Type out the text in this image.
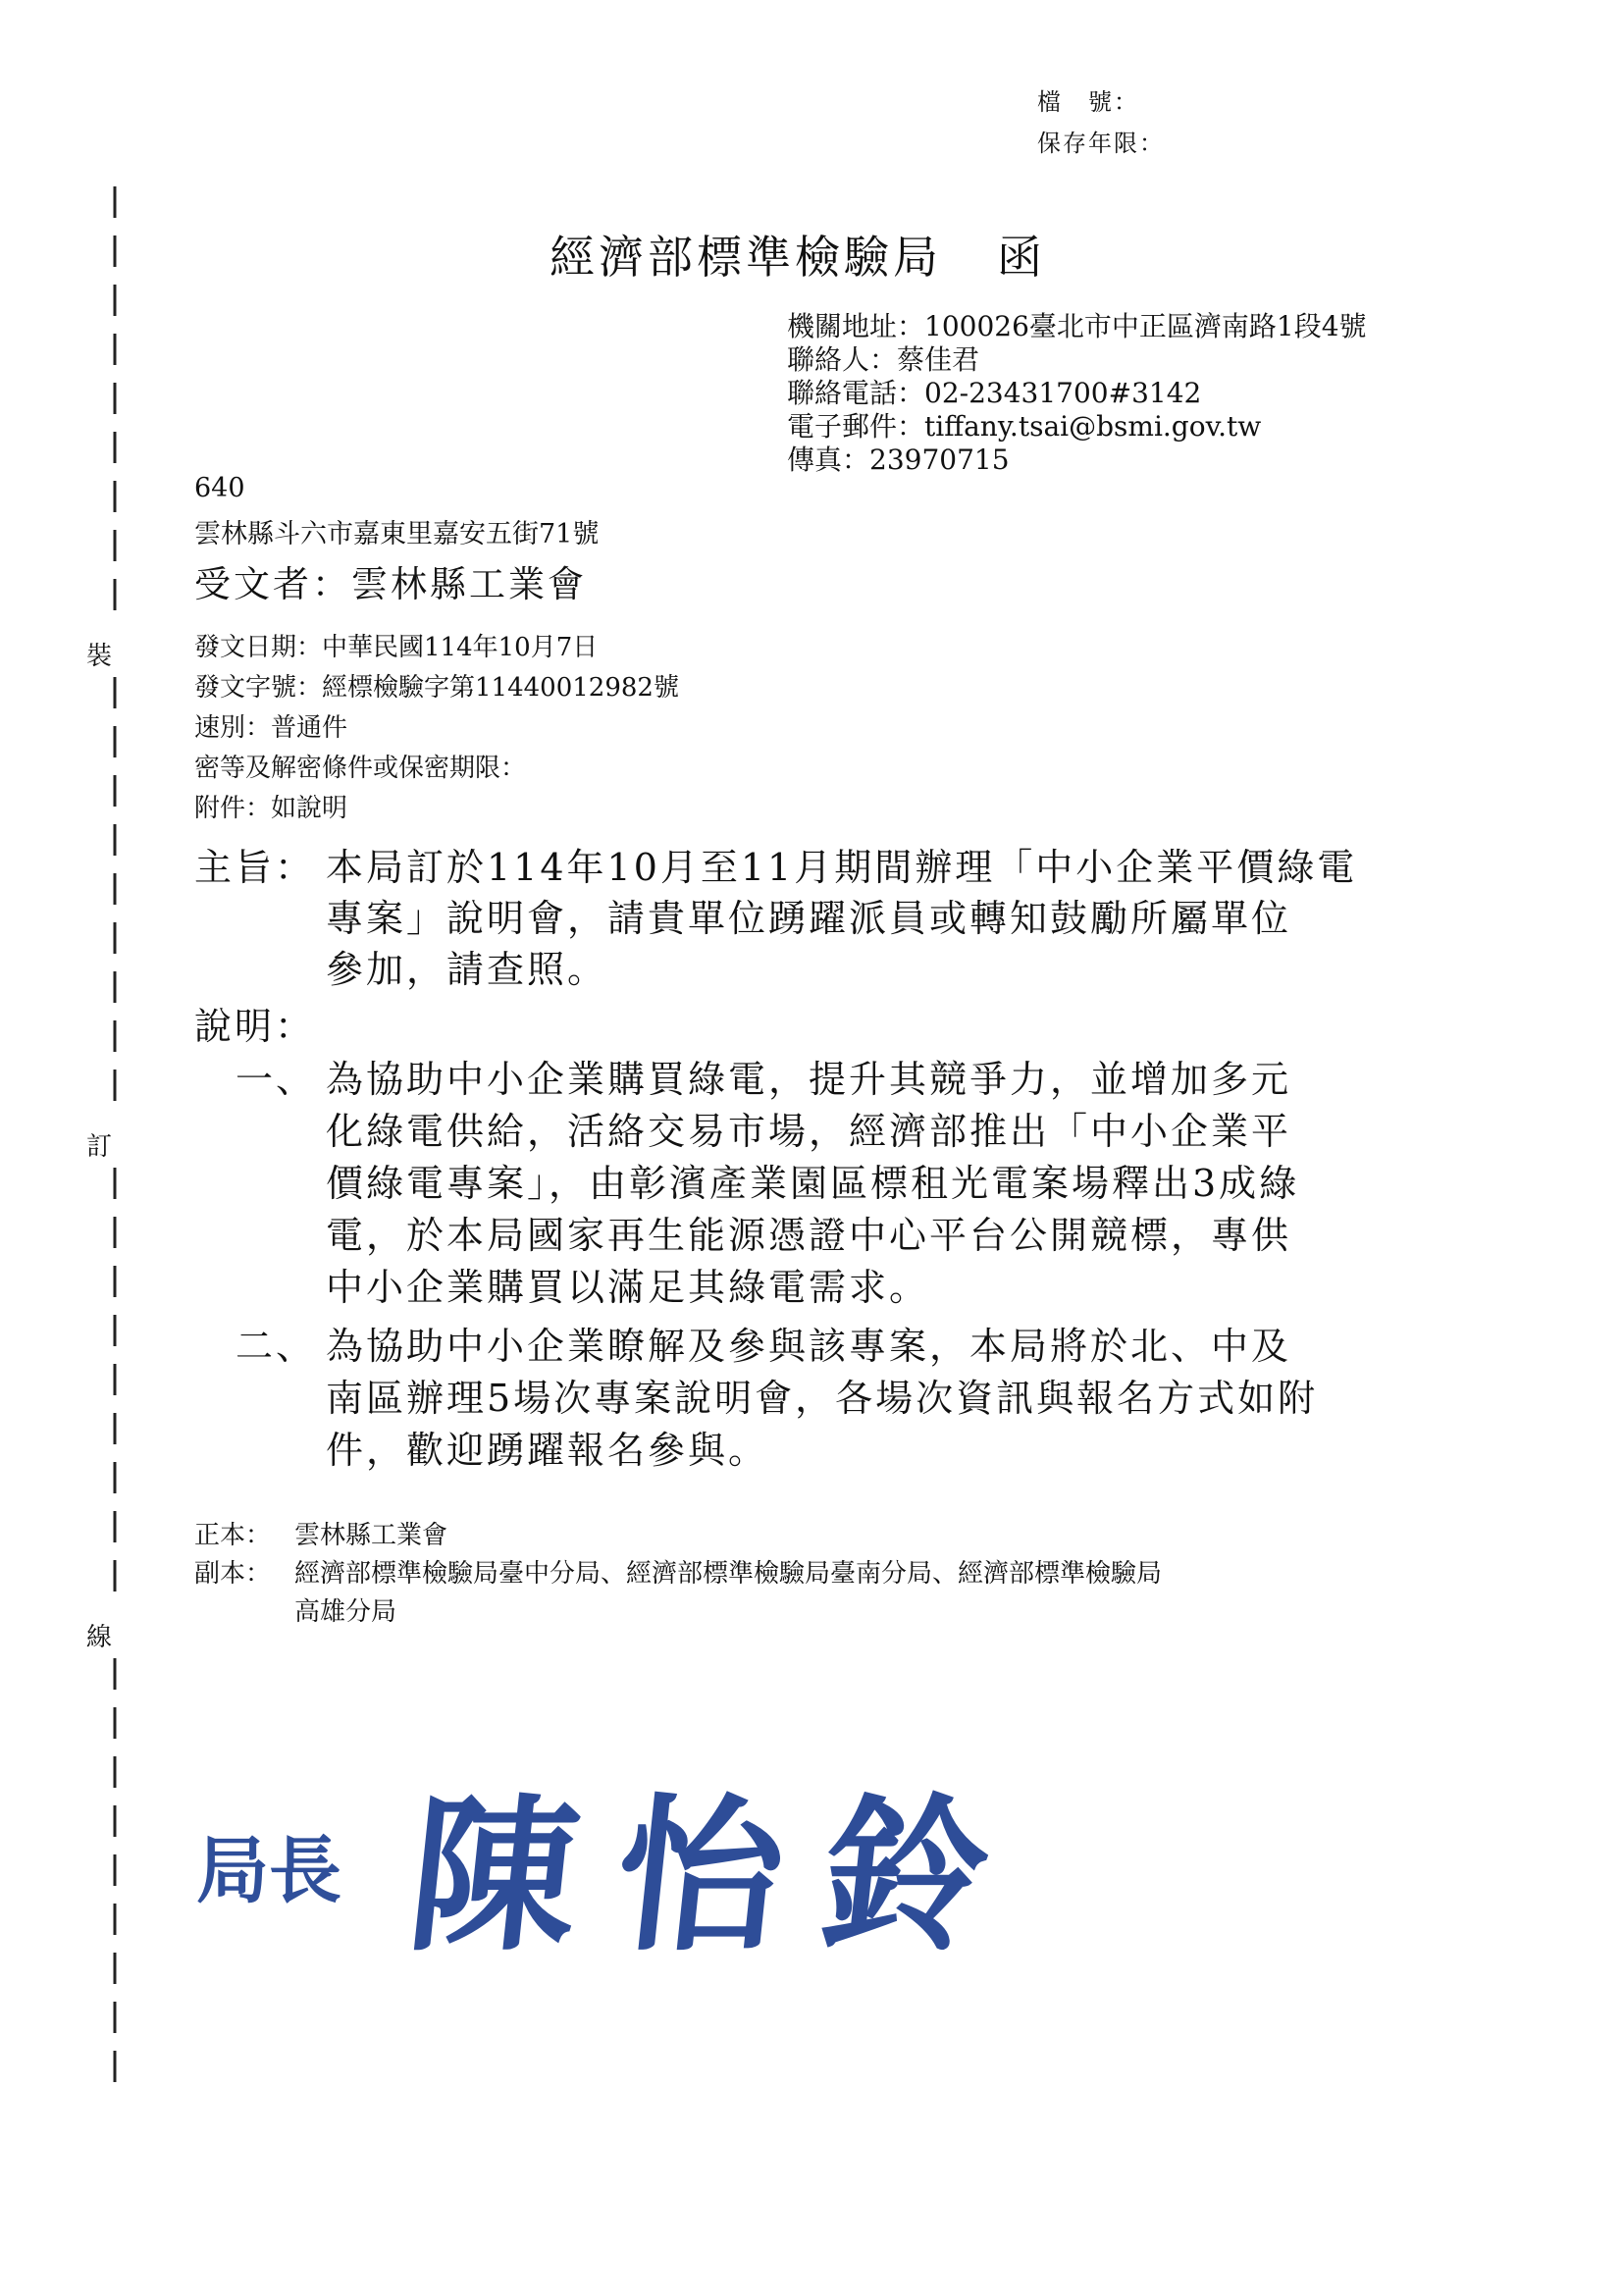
檔　號：
保存年限：
裝
訂
線
經濟部標準檢驗局 函
機關地址：100026臺北市中正區濟南路1段4號
聯絡人：蔡佳君
聯絡電話：02-23431700#3142
電子郵件：tiffany.tsai@bsmi.gov.tw
傳真：23970715
640
雲林縣斗六市嘉東里嘉安五街71號
受文者：雲林縣工業會
發文日期：中華民國114年10月7日
發文字號：經標檢驗字第11440012982號
速別：普通件
密等及解密條件或保密期限：
附件：如說明
主旨： 本局訂於114年10月至11月期間辦理「中小企業平價綠電
專案」說明會，請貴單位踴躍派員或轉知鼓勵所屬單位
參加，請查照。
說明：
一、 為協助中小企業購買綠電，提升其競爭力，並增加多元
化綠電供給，活絡交易市場，經濟部推出「中小企業平
價綠電專案」，由彰濱產業園區標租光電案場釋出3成綠
電，於本局國家再生能源憑證中心平台公開競標，專供
中小企業購買以滿足其綠電需求。
二、 為協助中小企業瞭解及參與該專案，本局將於北、中及
南區辦理5場次專案說明會，各場次資訊與報名方式如附
件，歡迎踴躍報名參與。
正本： 雲林縣工業會
副本： 經濟部標準檢驗局臺中分局、經濟部標準檢驗局臺南分局、經濟部標準檢驗局
高雄分局
局長 陳怡鈴
